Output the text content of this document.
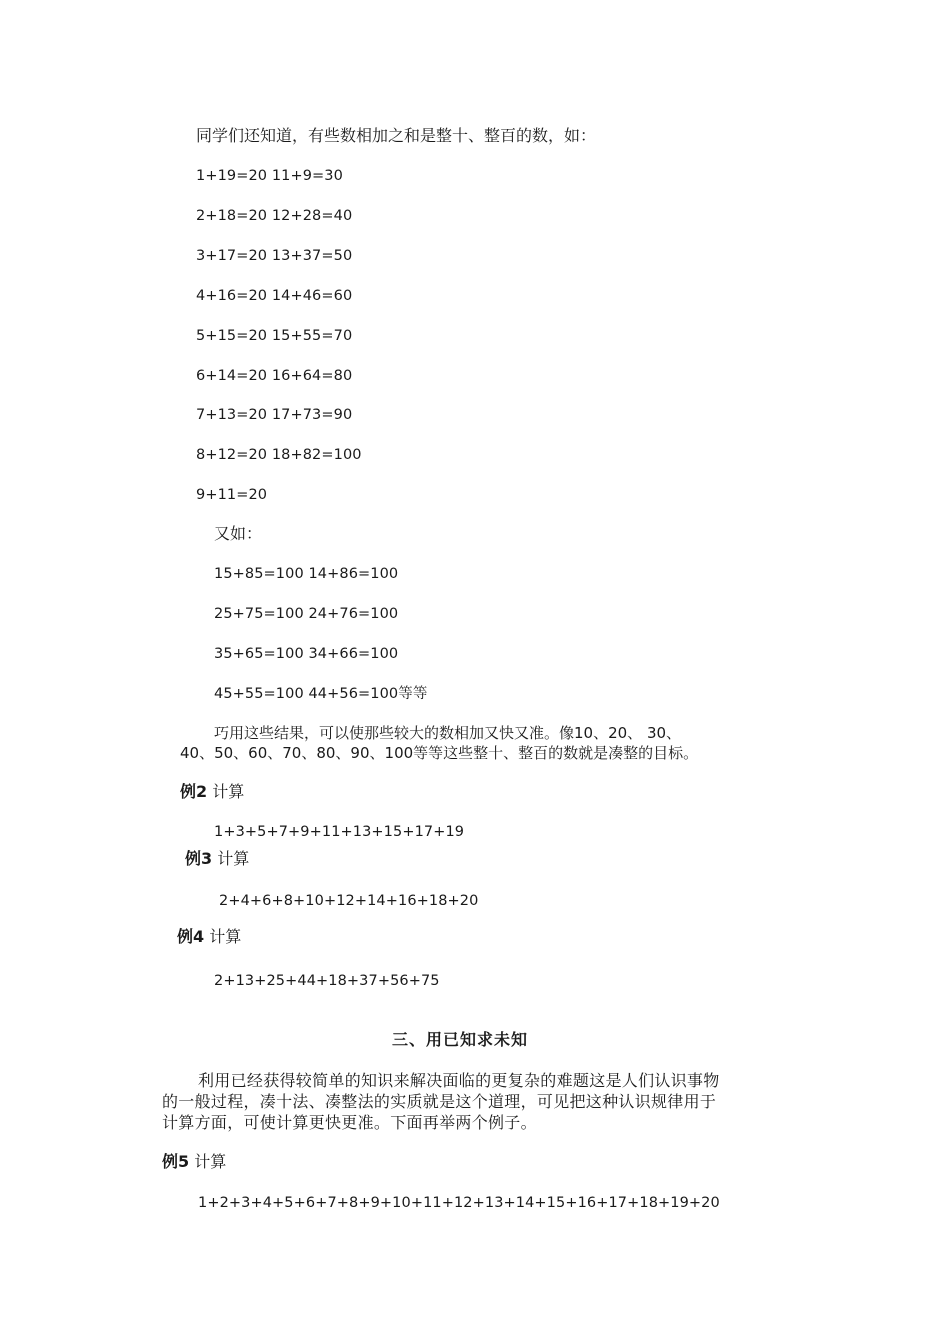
同学们还知道，有些数相加之和是整十、整百的数，如：
1+19=20 11+9=30
2+18=20 12+28=40
3+17=20 13+37=50
4+16=20 14+46=60
5+15=20 15+55=70
6+14=20 16+64=80
7+13=20 17+73=90
8+12=20 18+82=100
9+11=20
又如：
15+85=100 14+86=100
25+75=100 24+76=100
35+65=100 34+66=100
45+55=100 44+56=100等等
巧用这些结果，可以使那些较大的数相加又快又准。像10、20、 30、
40、50、60、70、80、90、100等等这些整十、整百的数就是凑整的目标。
例2 计算
1+3+5+7+9+11+13+15+17+19
例3 计算
2+4+6+8+10+12+14+16+18+20
例4 计算
2+13+25+44+18+37+56+75
三、用已知求未知
利用已经获得较简单的知识来解决面临的更复杂的难题这是人们认识事物
的一般过程，凑十法、凑整法的实质就是这个道理，可见把这种认识规律用于
计算方面，可使计算更快更准。下面再举两个例子。
例5 计算
1+2+3+4+5+6+7+8+9+10+11+12+13+14+15+16+17+18+19+20
